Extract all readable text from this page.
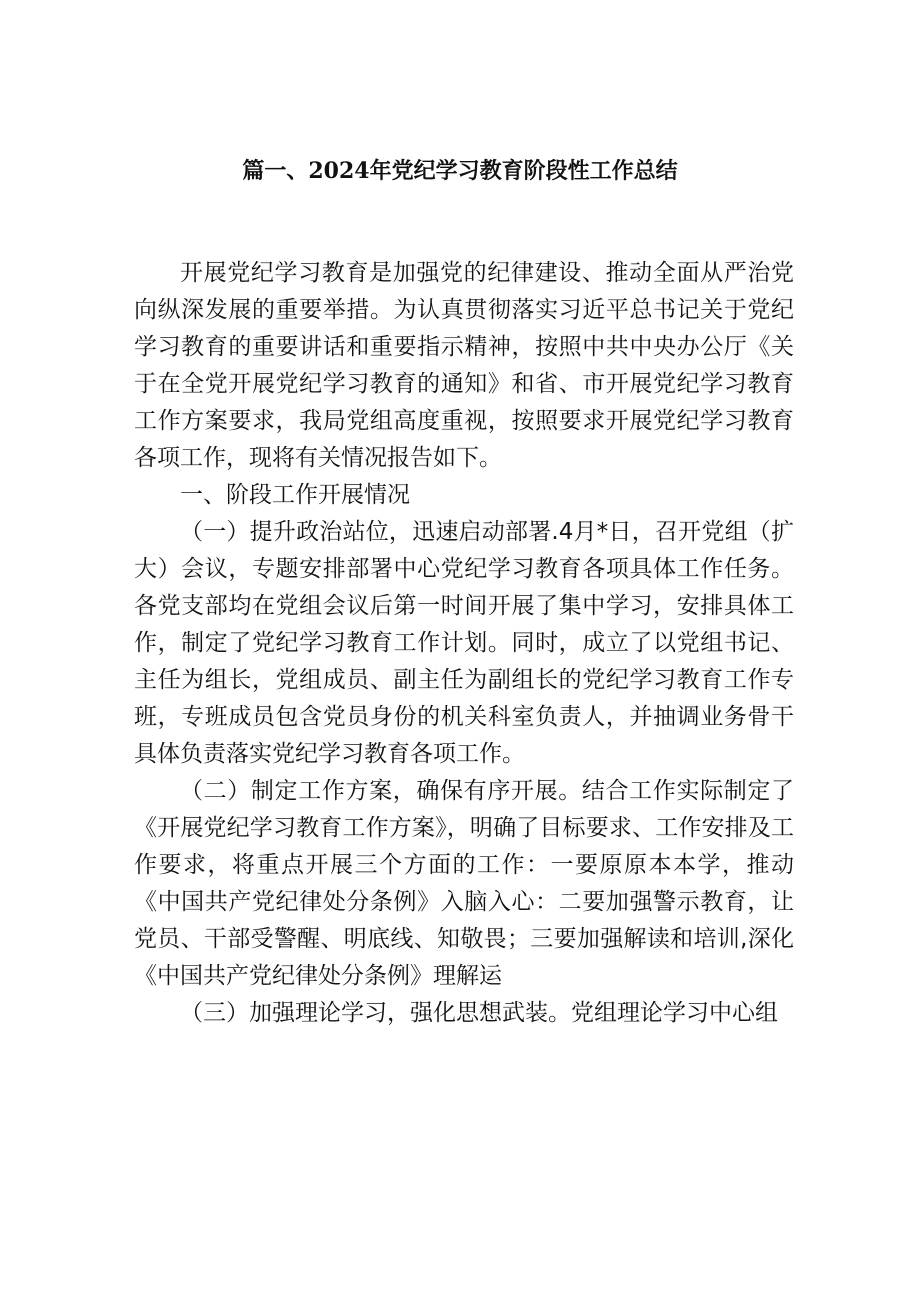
篇一、2024年党纪学习教育阶段性工作总结

开展党纪学习教育是加强党的纪律建设、推动全面从严治党向纵深发展的重要举措。为认真贯彻落实习近平总书记关于党纪学习教育的重要讲话和重要指示精神，按照中共中央办公厅《关于在全党开展党纪学习教育的通知》和省、市开展党纪学习教育工作方案要求，我局党组高度重视，按照要求开展党纪学习教育各项工作，现将有关情况报告如下。

一、阶段工作开展情况

（一）提升政治站位，迅速启动部署.4月*日，召开党组（扩大）会议，专题安排部署中心党纪学习教育各项具体工作任务。各党支部均在党组会议后第一时间开展了集中学习，安排具体工作，制定了党纪学习教育工作计划。同时，成立了以党组书记、主任为组长，党组成员、副主任为副组长的党纪学习教育工作专班，专班成员包含党员身份的机关科室负责人，并抽调业务骨干具体负责落实党纪学习教育各项工作。

（二）制定工作方案，确保有序开展。结合工作实际制定了《开展党纪学习教育工作方案》，明确了目标要求、工作安排及工作要求，将重点开展三个方面的工作：一要原原本本学，推动《中国共产党纪律处分条例》入脑入心：二要加强警示教育，让党员、干部受警醒、明底线、知敬畏；三要加强解读和培训,深化《中国共产党纪律处分条例》理解运

（三）加强理论学习，强化思想武装。党组理论学习中心组
